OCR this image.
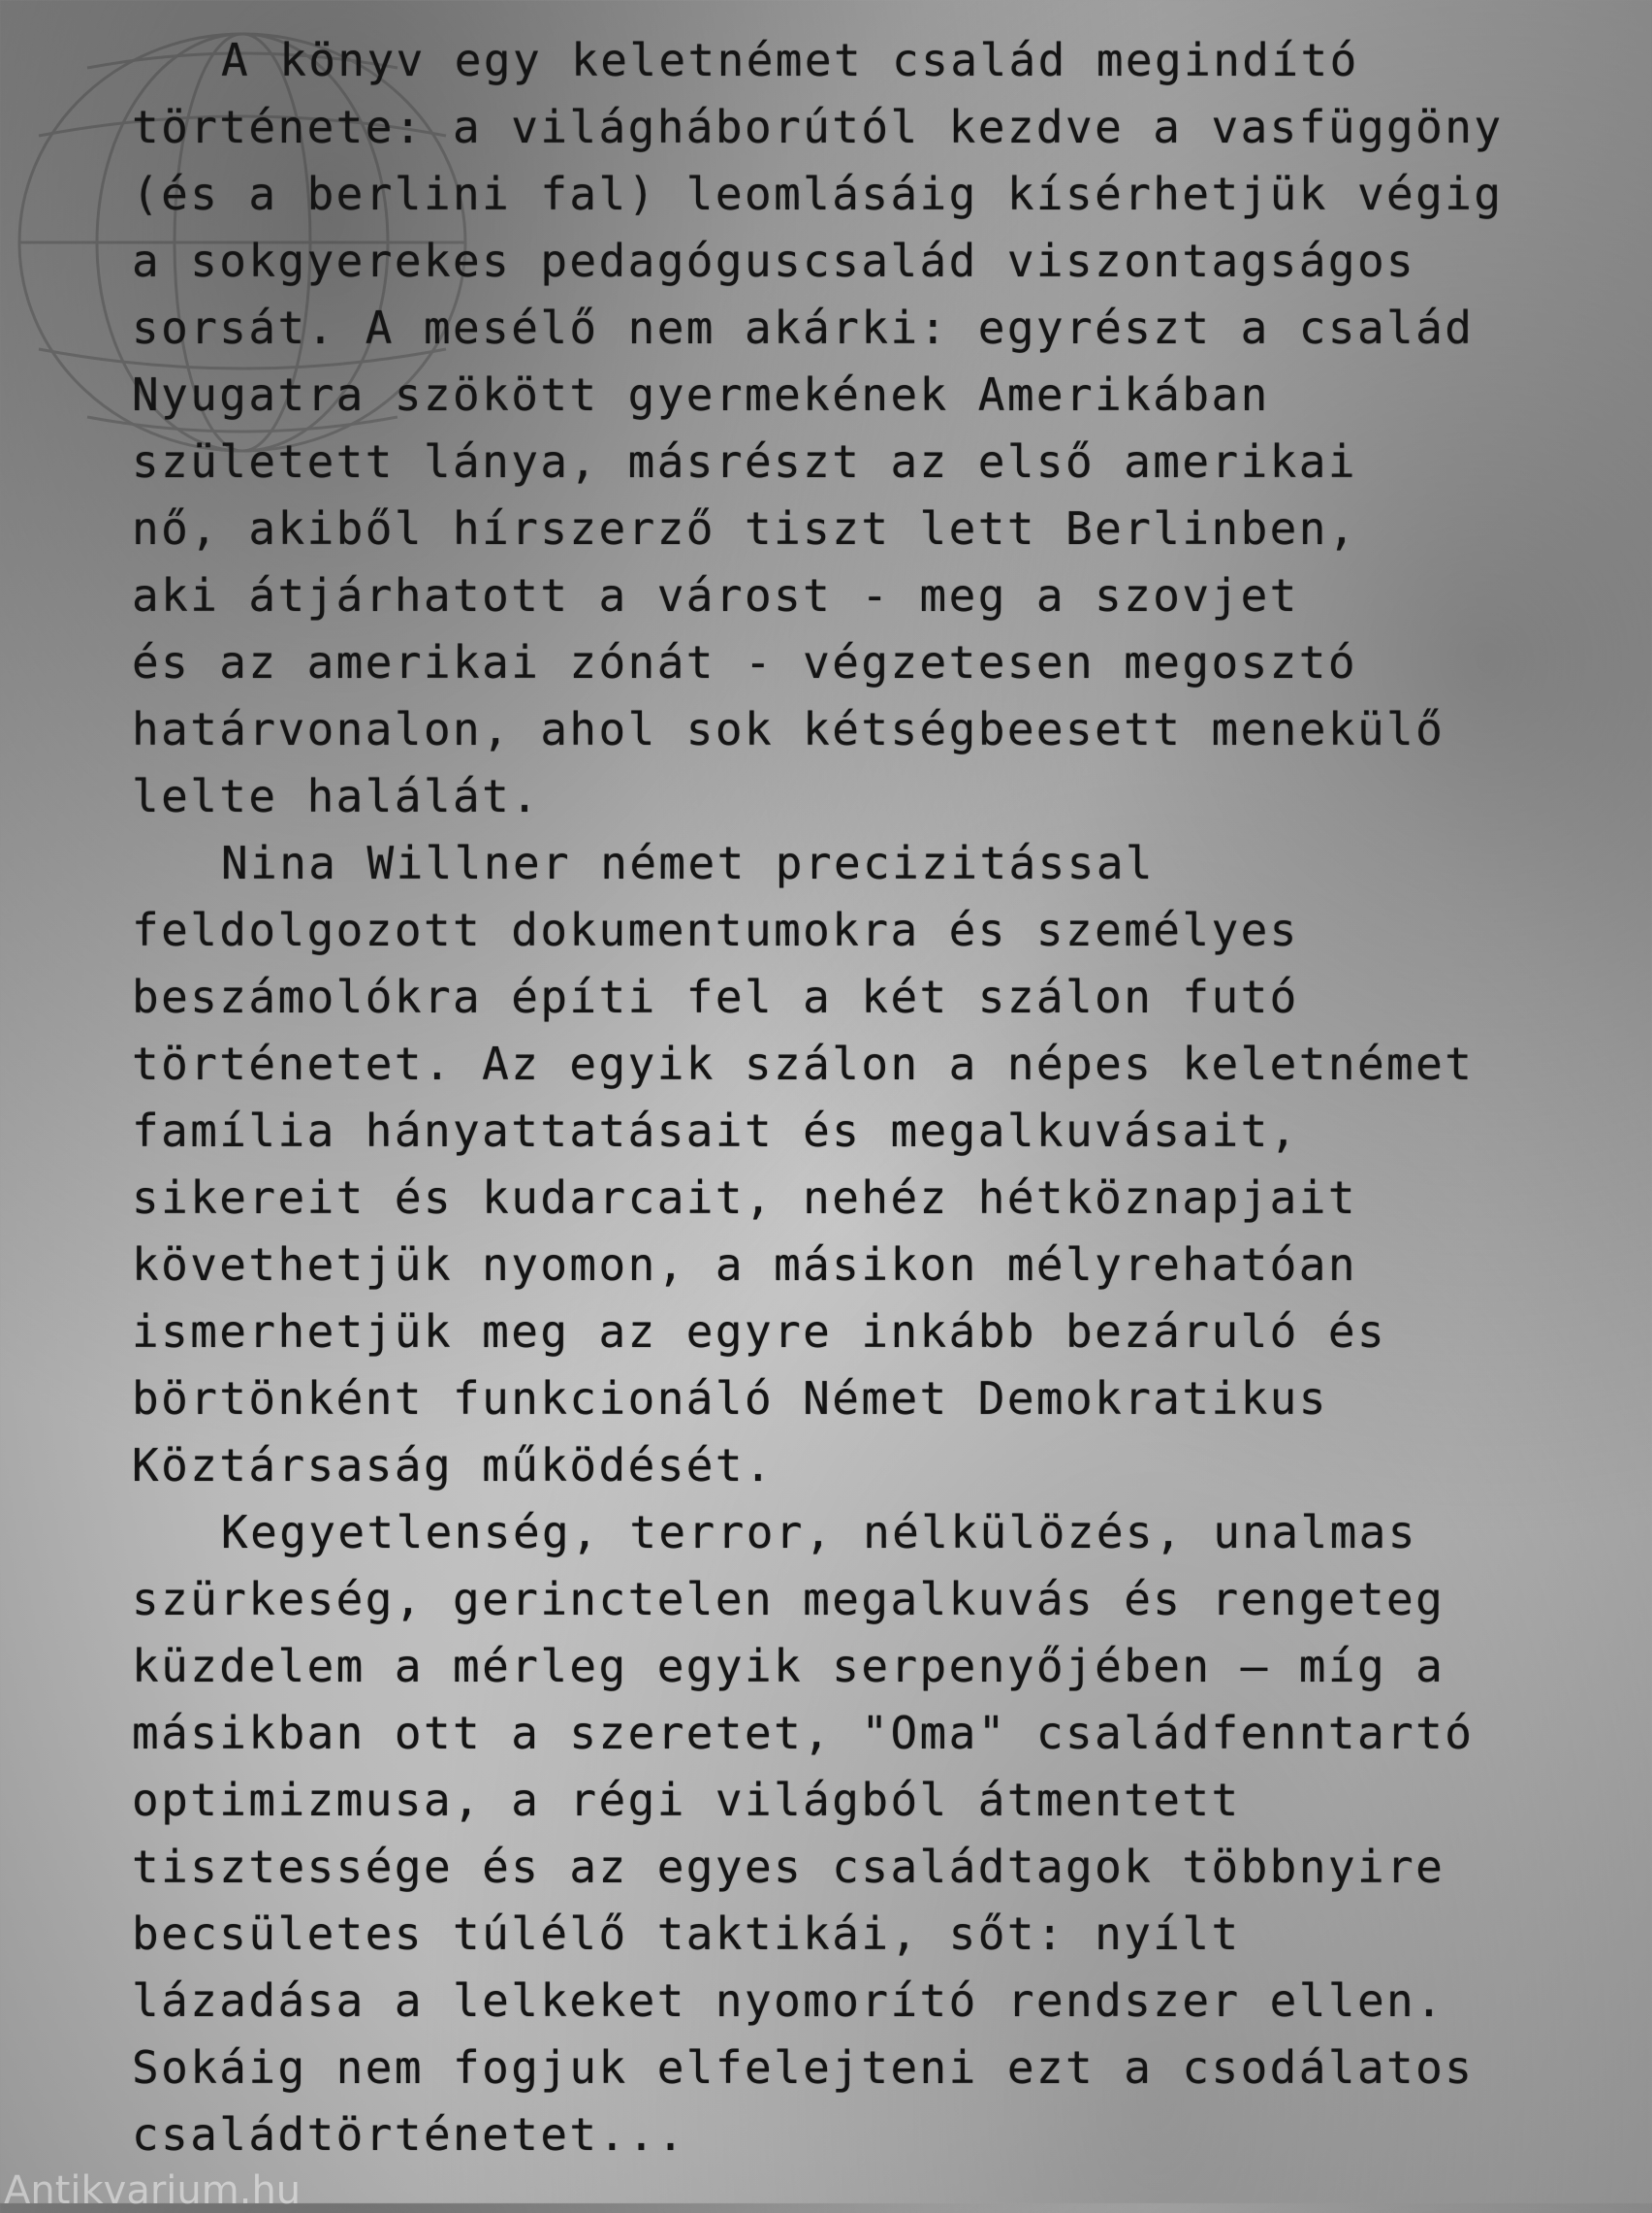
A könyv egy keletnémet család megindító
története: a világháborútól kezdve a vasfüggöny
(és a berlini fal) leomlásáig kísérhetjük végig
a sokgyerekes pedagóguscsalád viszontagságos
sorsát. A mesélő nem akárki: egyrészt a család
Nyugatra szökött gyermekének Amerikában
született lánya, másrészt az első amerikai
nő, akiből hírszerző tiszt lett Berlinben,
aki átjárhatott a várost - meg a szovjet
és az amerikai zónát - végzetesen megosztó
határvonalon, ahol sok kétségbeesett menekülő
lelte halálát.
Nina Willner német precizitással
feldolgozott dokumentumokra és személyes
beszámolókra építi fel a két szálon futó
történetet. Az egyik szálon a népes keletnémet
família hányattatásait és megalkuvásait,
sikereit és kudarcait, nehéz hétköznapjait
követhetjük nyomon, a másikon mélyrehatóan
ismerhetjük meg az egyre inkább bezáruló és
börtönként funkcionáló Német Demokratikus
Köztársaság működését.
Kegyetlenség, terror, nélkülözés, unalmas
szürkeség, gerinctelen megalkuvás és rengeteg
küzdelem a mérleg egyik serpenyőjében — míg a
másikban ott a szeretet, "Oma" családfenntartó
optimizmusa, a régi világból átmentett
tisztessége és az egyes családtagok többnyire
becsületes túlélő taktikái, sőt: nyílt
lázadása a lelkeket nyomorító rendszer ellen.
Sokáig nem fogjuk elfelejteni ezt a csodálatos
családtörténetet...
Antikvarium.hu
